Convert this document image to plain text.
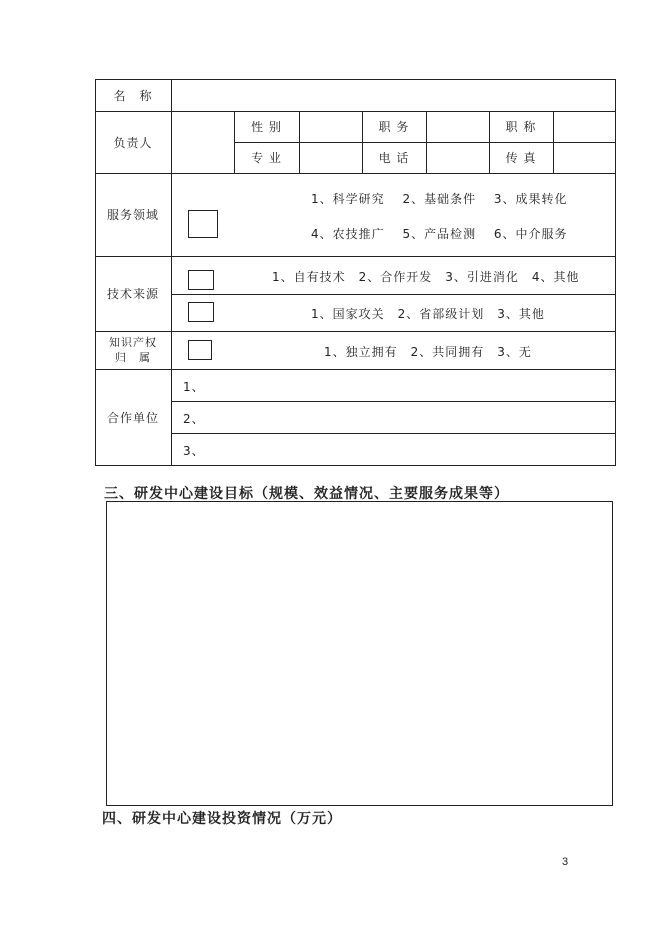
名　称
负责人
性 别	职 务	职 称
专 业	电 话	传 真
服务领域
1、科学研究　 2、基础条件　 3、成果转化
4、农技推广　 5、产品检测　 6、中介服务
技术来源
1、自有技术　2、合作开发　3、引进消化　4、其他
1、国家攻关　2、省部级计划　3、其他
知识产权
归　属	1、独立拥有　2、共同拥有　3、无
合作单位
1、
2、
3、
三、研发中心建设目标（规模、效益情况、主要服务成果等）
四、研发中心建设投资情况（万元）
3
